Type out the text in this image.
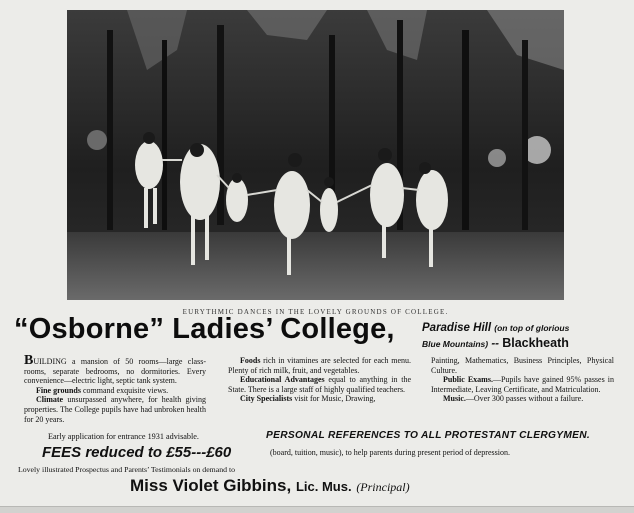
EURYTHMIC DANCES IN THE LOVELY GROUNDS OF COLLEGE.
“Osborne” Ladies’ College, Paradise Hill (on top of glorious
Blue Mountains) -- Blackheath

BUILDING a mansion of 50 rooms—large class-rooms, separate bedrooms, no dormitories. Every convenience—electric light, septic tank system.

Fine grounds command exquisite views.

Climate unsurpassed anywhere, for health giving properties. The College pupils have had unbroken health for 20 years.

Foods rich in vitamines are selected for each menu. Plenty of rich milk, fruit, and vegetables.

Educational Advantages equal to anything in the State. There is a large staff of highly qualified teachers.

City Specialists visit for Music, Drawing,

Painting, Mathematics, Business Principles, Physical Culture.

Public Exams.—Pupils have gained 95% passes in Intermediate, Leaving Certificate, and Matriculation.

Music.—Over 300 passes without a failure.

Early application for entrance 1931 advisable.	PERSONAL REFERENCES TO ALL PROTESTANT CLERGYMEN.
FEES reduced to £55---£60	(board, tuition, music), to help parents during present period of depression.
Lovely illustrated Prospectus and Parents’ Testimonials on demand to
Miss Violet Gibbins, Lic. Mus. (Principal)
